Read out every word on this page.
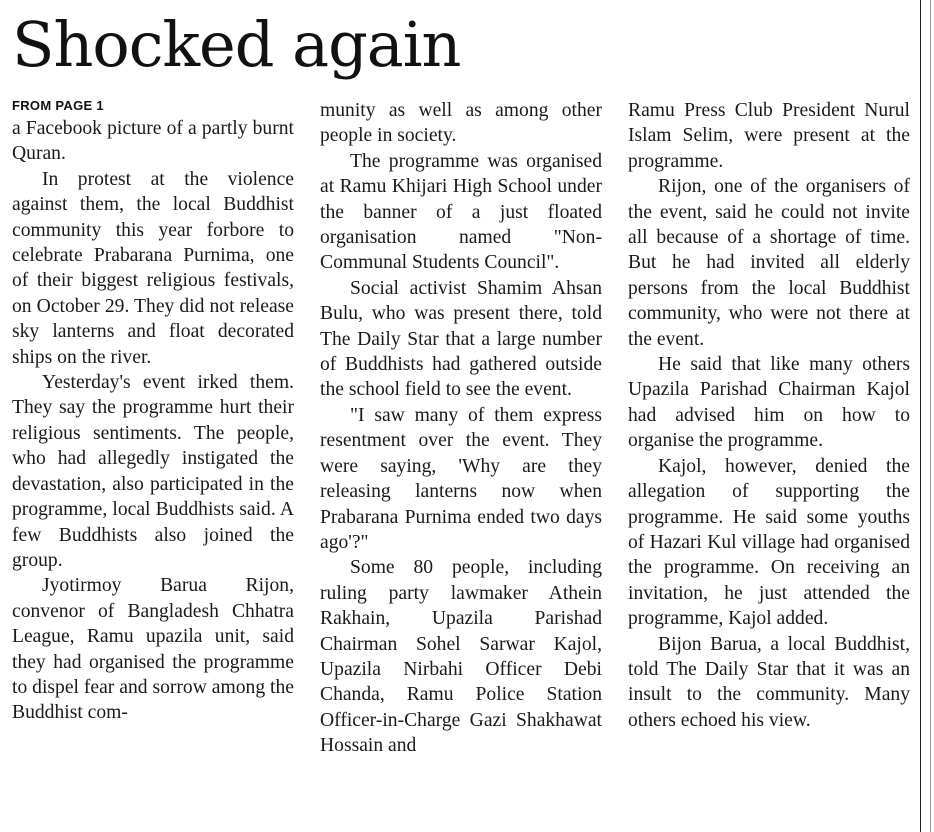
Shocked again
FROM PAGE 1

a Facebook picture of a partly burnt Quran.

In protest at the violence against them, the local Buddhist community this year forbore to celebrate Prabarana Purnima, one of their biggest religious festivals, on October 29. They did not release sky lanterns and float decorated ships on the river.

Yesterday's event irked them. They say the programme hurt their religious sentiments. The people, who had allegedly instigated the devastation, also participated in the programme, local Buddhists said. A few Buddhists also joined the group.

Jyotirmoy Barua Rijon, convenor of Bangladesh Chhatra League, Ramu upazila unit, said they had organised the programme to dispel fear and sorrow among the Buddhist com-

munity as well as among other people in society.

The programme was organised at Ramu Khijari High School under the banner of a just floated organisation named "Non-Communal Students Council".

Social activist Shamim Ahsan Bulu, who was present there, told The Daily Star that a large number of Buddhists had gathered outside the school field to see the event.

"I saw many of them express resentment over the event. They were saying, 'Why are they releasing lanterns now when Prabarana Purnima ended two days ago'?"

Some 80 people, including ruling party lawmaker Athein Rakhain, Upazila Parishad Chairman Sohel Sarwar Kajol, Upazila Nirbahi Officer Debi Chanda, Ramu Police Station Officer-in-Charge Gazi Shakhawat Hossain and

Ramu Press Club President Nurul Islam Selim, were present at the programme.

Rijon, one of the organisers of the event, said he could not invite all because of a shortage of time. But he had invited all elderly persons from the local Buddhist community, who were not there at the event.

He said that like many others Upazila Parishad Chairman Kajol had advised him on how to organise the programme.

Kajol, however, denied the allegation of supporting the programme. He said some youths of Hazari Kul village had organised the programme. On receiving an invitation, he just attended the programme, Kajol added.

Bijon Barua, a local Buddhist, told The Daily Star that it was an insult to the community. Many others echoed his view.
